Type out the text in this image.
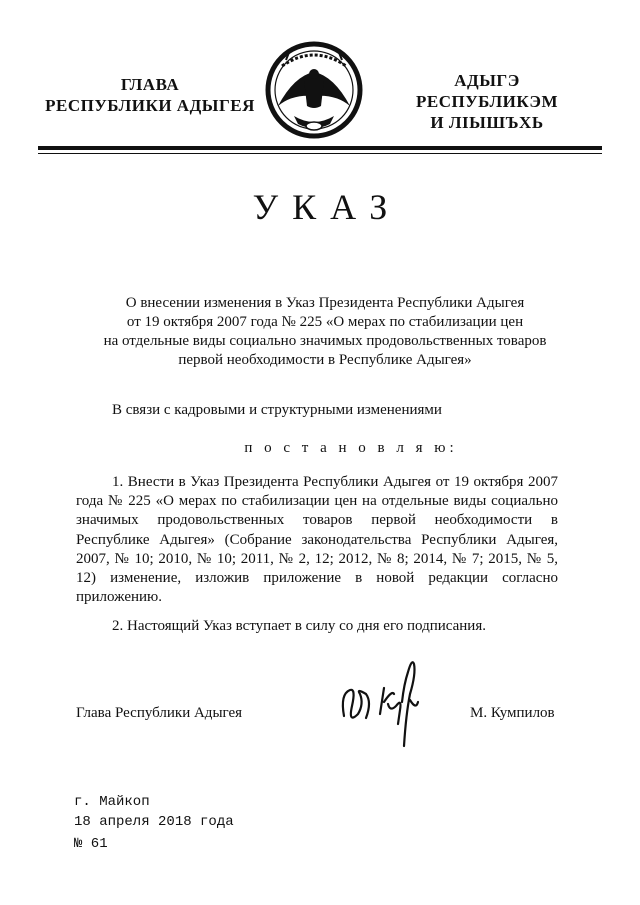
ГЛАВА
РЕСПУБЛИКИ АДЫГЕЯ
АДЫГЭ РЕСПУБЛИКЭМ
И ЛІЫШЪХЬ
УКАЗ
О внесении изменения в Указ Президента Республики Адыгея
от 19 октября 2007 года № 225 «О мерах по стабилизации цен
на отдельные виды социально значимых продовольственных товаров
первой необходимости в Республике Адыгея»
В связи с кадровыми и структурными изменениями
п о с т а н о в л я ю:
1. Внести в Указ Президента Республики Адыгея от 19 октября 2007 года № 225 «О мерах по стабилизации цен на отдельные виды социально значимых продовольственных товаров первой необходимости в Республике Адыгея» (Собрание законодательства Республики Адыгея, 2007, № 10; 2010, № 10; 2011, № 2, 12; 2012, № 8; 2014, № 7; 2015, № 5, 12) изменение, изложив приложение в новой редакции согласно приложению.
2. Настоящий Указ вступает в силу со дня его подписания.
Глава Республики Адыгея	М. Кумпилов
г. Майкоп
18 апреля 2018 года
№ 61
